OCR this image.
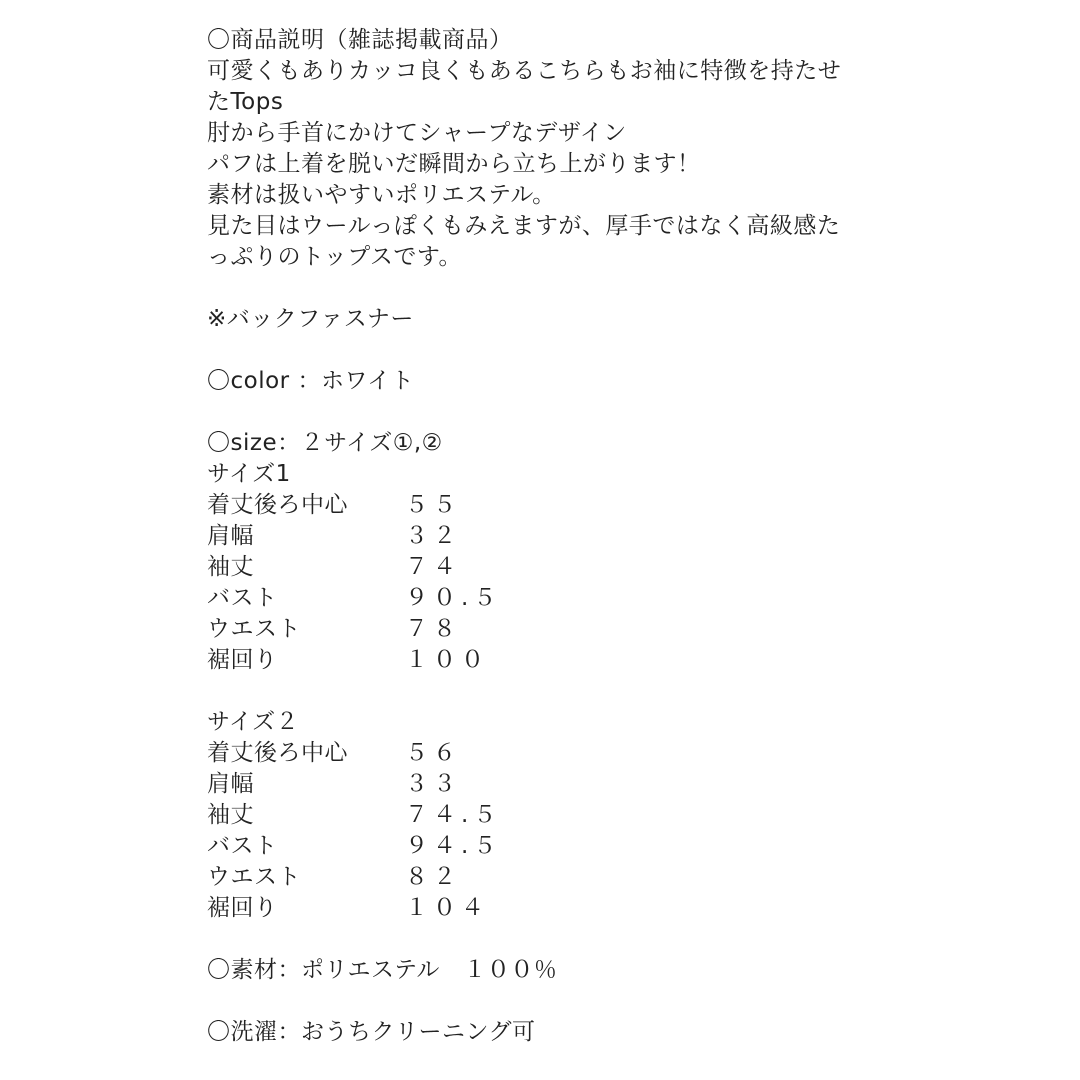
〇商品説明（雑誌掲載商品）
可愛くもありカッコ良くもあるこちらもお袖に特徴を持たせ
たTops
肘から手首にかけてシャープなデザイン
パフは上着を脱いだ瞬間から立ち上がります！
素材は扱いやすいポリエステル。
見た目はウールっぽくもみえますが、厚手ではなく高級感た
っぷりのトップスです。
※バックファスナー
〇color ：ホワイト
〇size：２サイズ①,②
サイズ1
着丈後ろ中心	５５
肩幅	３２
袖丈	７４
バスト	９０.５
ウエスト	７８
裾回り	１００
サイズ２
着丈後ろ中心	５６
肩幅	３３
袖丈	７４.５
バスト	９４.５
ウエスト	８２
裾回り	１０４
〇素材：ポリエステル　１００％
〇洗濯：おうちクリーニング可
